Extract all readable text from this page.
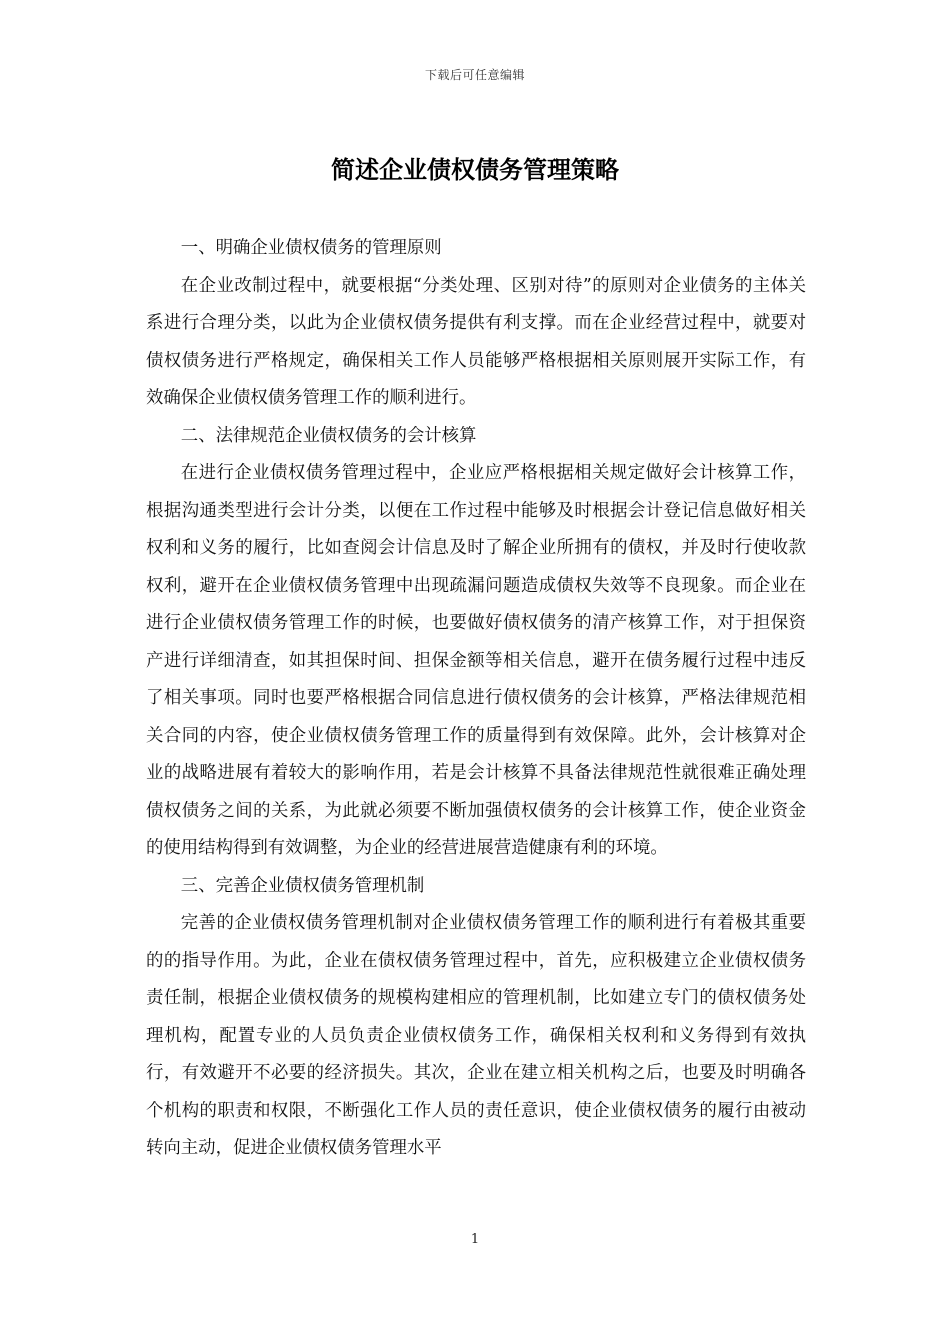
下载后可任意编辑
简述企业债权债务管理策略

一、明确企业债权债务的管理原则

在企业改制过程中，就要根据“分类处理、区别对待”的原则对企业债务的主体关系进行合理分类，以此为企业债权债务提供有利支撑。而在企业经营过程中，就要对债权债务进行严格规定，确保相关工作人员能够严格根据相关原则展开实际工作，有效确保企业债权债务管理工作的顺利进行。

二、法律规范企业债权债务的会计核算

在进行企业债权债务管理过程中，企业应严格根据相关规定做好会计核算工作，根据沟通类型进行会计分类，以便在工作过程中能够及时根据会计登记信息做好相关权利和义务的履行，比如查阅会计信息及时了解企业所拥有的债权，并及时行使收款权利，避开在企业债权债务管理中出现疏漏问题造成债权失效等不良现象。而企业在进行企业债权债务管理工作的时候，也要做好债权债务的清产核算工作，对于担保资产进行详细清查，如其担保时间、担保金额等相关信息，避开在债务履行过程中违反了相关事项。同时也要严格根据合同信息进行债权债务的会计核算，严格法律规范相关合同的内容，使企业债权债务管理工作的质量得到有效保障。此外，会计核算对企业的战略进展有着较大的影响作用，若是会计核算不具备法律规范性就很难正确处理债权债务之间的关系，为此就必须要不断加强债权债务的会计核算工作，使企业资金的使用结构得到有效调整，为企业的经营进展营造健康有利的环境。

三、完善企业债权债务管理机制

完善的企业债权债务管理机制对企业债权债务管理工作的顺利进行有着极其重要的的指导作用。为此，企业在债权债务管理过程中，首先，应积极建立企业债权债务责任制，根据企业债权债务的规模构建相应的管理机制，比如建立专门的债权债务处理机构，配置专业的人员负责企业债权债务工作，确保相关权利和义务得到有效执行，有效避开不必要的经济损失。其次，企业在建立相关机构之后，也要及时明确各个机构的职责和权限，不断强化工作人员的责任意识，使企业债权债务的履行由被动转向主动，促进企业债权债务管理水平

1
